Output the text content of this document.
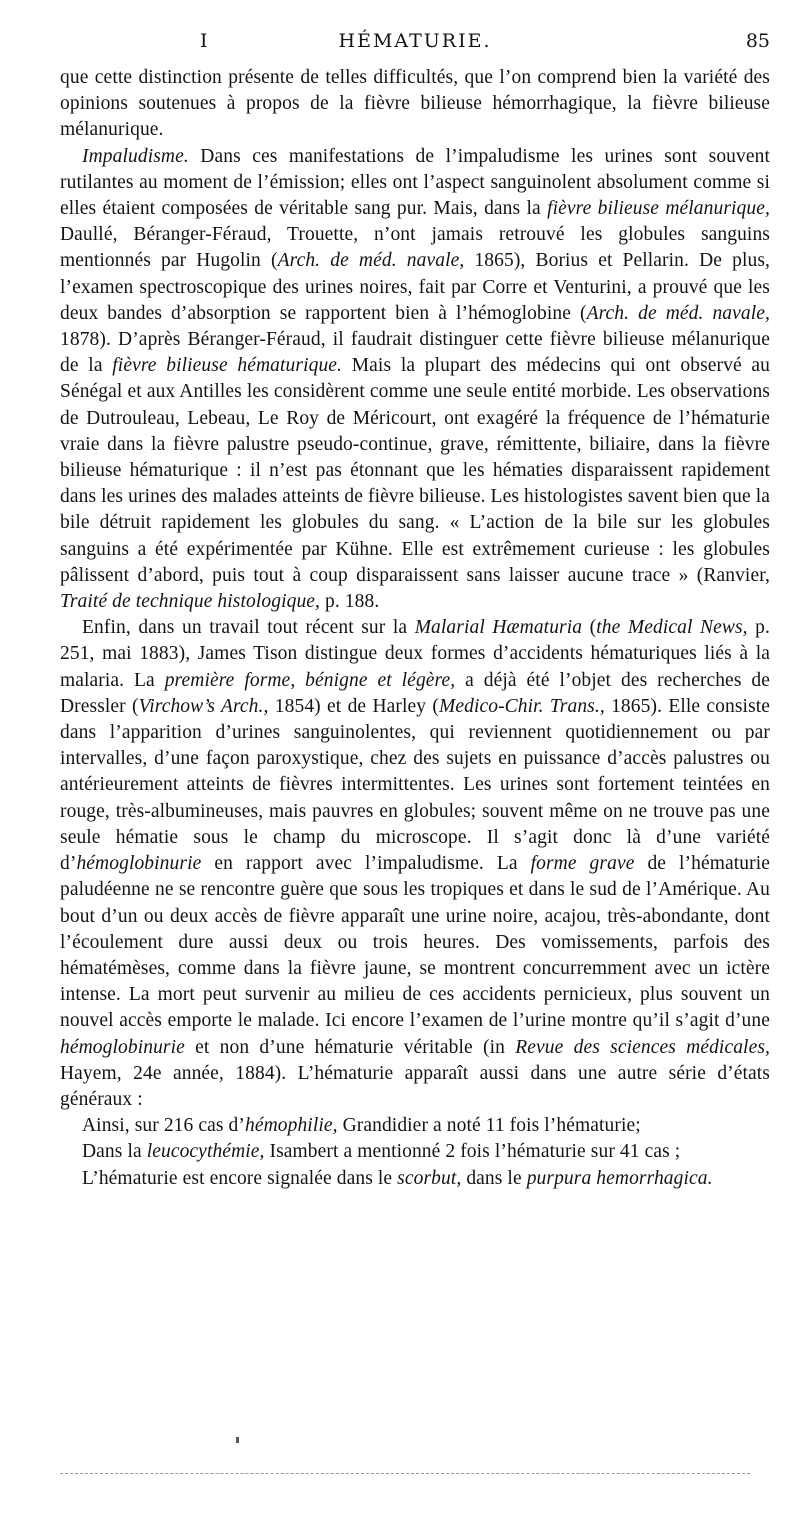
I	HÉMATURIE.	85

que cette distinction présente de telles difficultés, que l’on comprend bien la variété des opinions soutenues à propos de la fièvre bilieuse hémorrhagique, la fièvre bilieuse mélanurique.

Impaludisme. Dans ces manifestations de l’impaludisme les urines sont souvent rutilantes au moment de l’émission; elles ont l’aspect sanguinolent absolument comme si elles étaient composées de véritable sang pur. Mais, dans la fièvre bilieuse mélanurique, Daullé, Béranger-Féraud, Trouette, n’ont jamais retrouvé les globules sanguins mentionnés par Hugolin (Arch. de méd. navale, 1865), Borius et Pellarin. De plus, l’examen spectroscopique des urines noires, fait par Corre et Venturini, a prouvé que les deux bandes d’absorption se rapportent bien à l’hémoglobine (Arch. de méd. navale, 1878). D’après Béranger-Féraud, il faudrait distinguer cette fièvre bilieuse mélanurique de la fièvre bilieuse hématurique. Mais la plupart des médecins qui ont observé au Sénégal et aux Antilles les considèrent comme une seule entité morbide. Les observations de Dutrouleau, Lebeau, Le Roy de Méricourt, ont exagéré la fréquence de l’hématurie vraie dans la fièvre palustre pseudo-continue, grave, rémittente, biliaire, dans la fièvre bilieuse hématurique : il n’est pas étonnant que les hématies disparaissent rapidement dans les urines des malades atteints de fièvre bilieuse. Les histologistes savent bien que la bile détruit rapidement les globules du sang. « L’action de la bile sur les globules sanguins a été expérimentée par Kühne. Elle est extrêmement curieuse : les globules pâlissent d’abord, puis tout à coup disparaissent sans laisser aucune trace » (Ranvier, Traité de technique histologique, p. 188.

Enfin, dans un travail tout récent sur la Malarial Hæmaturia (the Medical News, p. 251, mai 1883), James Tison distingue deux formes d’accidents hématuriques liés à la malaria. La première forme, bénigne et légère, a déjà été l’objet des recherches de Dressler (Virchow’s Arch., 1854) et de Harley (Medico-Chir. Trans., 1865). Elle consiste dans l’apparition d’urines sanguinolentes, qui reviennent quotidiennement ou par intervalles, d’une façon paroxystique, chez des sujets en puissance d’accès palustres ou antérieurement atteints de fièvres intermittentes. Les urines sont fortement teintées en rouge, très-albumineuses, mais pauvres en globules; souvent même on ne trouve pas une seule hématie sous le champ du microscope. Il s’agit donc là d’une variété d’hémoglobinurie en rapport avec l’impaludisme. La forme grave de l’hématurie paludéenne ne se rencontre guère que sous les tropiques et dans le sud de l’Amérique. Au bout d’un ou deux accès de fièvre apparaît une urine noire, acajou, très-abondante, dont l’écoulement dure aussi deux ou trois heures. Des vomissements, parfois des hématémèses, comme dans la fièvre jaune, se montrent concurremment avec un ictère intense. La mort peut survenir au milieu de ces accidents pernicieux, plus souvent un nouvel accès emporte le malade. Ici encore l’examen de l’urine montre qu’il s’agit d’une hémoglobinurie et non d’une hématurie véritable (in Revue des sciences médicales, Hayem, 24e année, 1884). L’hématurie apparaît aussi dans une autre série d’états généraux :

Ainsi, sur 216 cas d’hémophilie, Grandidier a noté 11 fois l’hématurie;

Dans la leucocythémie, Isambert a mentionné 2 fois l’hématurie sur 41 cas ;

L’hématurie est encore signalée dans le scorbut, dans le purpura hemorrhagica.
